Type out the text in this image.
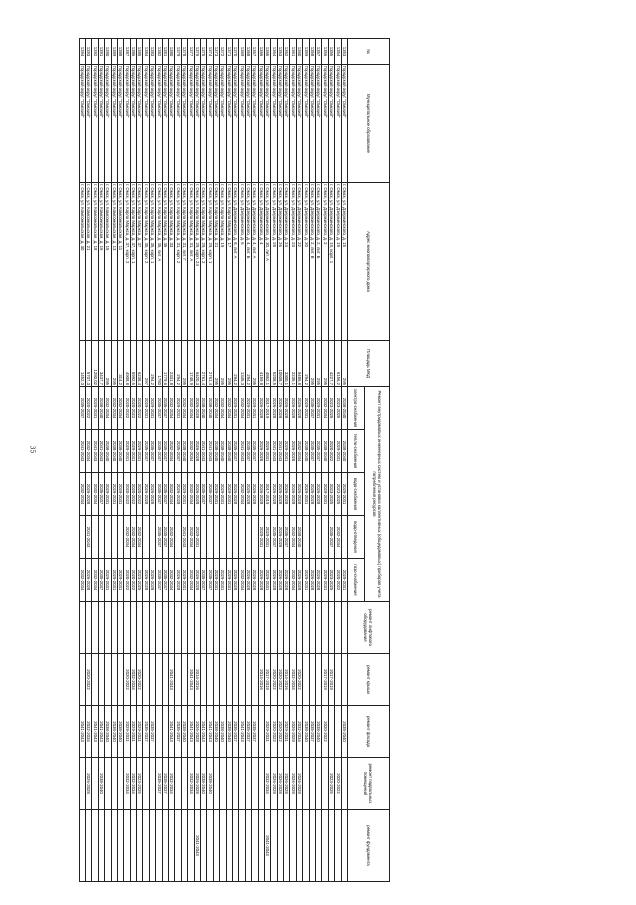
35
№	Муниципальное образование	Адрес многоквартирного дома	Площадь МКД	Ремонт внутридомовых инженерных систем и установка коллективных (общедомовых) приборов учета потребления ресурсов					ремонт лифтового оборудования	ремонт крыши	ремонт фасада	ремонт подвальных помещений	ремонт фундамента
				электро-снабжения	тепло-снабжения	водо-снабжения	водо-отведения	газо-снабжения					
1353	Городской округ "Омский"	г. Омск, ул. Дзержинского, д. 18	295	2038-2040	2038-2040	2029-2031		2029-2031			2038-2040		
1354	Городской округ "Омский"	г. Омск, ул. Дзержинского, д. 19	6156,2	2023-2025	2029-2031	2023-2025	2032-2034	2020-2022				2020-2022	
1355	Городской округ "Омский"	г. Омск, ул. Дзержинского, д. 19, корп. 1	4227,7	2023-2025	2020-2022	2023-2025	2035-2037	2023-2025		2017-2019		2023-2025	
1356	Городской округ "Омский"	г. Омск, ул. Дзержинского, д. 2	295	2032-2034	2038-2040	2029-2031		2029-2031		2017-2019	2020-2022		
1357	Городской округ "Омский"	г. Омск, ул. Дзержинского, д. 2, лит. Б	295	2029-2031	2035-2037	2026-2028		2026-2028			2038-2040		
1358	Городской округ "Омский"	г. Омск, ул. Дзержинского, д. 2, лит. В	295	2035-2037	2035-2037	2026-2028		2026-2028			2035-2037		
1359	Городской округ "Омский"	г. Омск, ул. Дзержинского, д. 20	294,2	2029-2031	2038-2040	2029-2031		2029-2031			2038-2040		
1360	Городской округ "Омский"	г. Омск, ул. Дзержинского, д. 22	9486,8	2026-2028	2032-2034	2026-2028	2038-2040	2026-2028		2020-2022	2032-2034	2026-2028	
1361	Городской округ "Омский"	г. Омск, ул. Дзержинского, д. 23	2235,1	2026-2028	2026-2028	2026-2028	2032-2034	2032-2034		2032-2034	2026-2028	2026-2028	
1362	Городской округ "Омский"	г. Омск, ул. Дзержинского, д. 24	3300,1	2026-2028	2029-2031	2026-2028	2035-2037	2026-2028		2014-2016	2029-2031	2026-2028	
1363	Городской округ "Омский"	г. Омск, ул. Дзержинского, д. 26	10508,7	2026-2028	2041-2043	2026-2028	2026-2028	2026-2028		2020-2022	2020-2022	2026-2028	
1364	Городской округ "Омский"	г. Омск, ул. Дзержинского, д. 28	5208,5	2026-2028	2041-2043	2026-2028	2035-2037	2026-2028		2020-2022	2020-2022	2026-2028	
1365	Городской округ "Омский"	г. Омск, ул. Дзержинского, д. 30, лит. А	4852,1	2017-2019	2029-2031	2017-2019	2029-2031	2029-2031		2017-2019	2029-2031	2032-2034	2041-2043
1366	Городской округ "Омский"	г. Омск, ул. Дзержинского, д. 4	4159,8	2026-2028	2026-2028	2026-2028	2029-2031	2026-2028		2014-2016			
1367	Городской округ "Омский"	г. Омск, ул. Дзержинского, д. 4, лит. А	295	2029-2031	2035-2037	2026-2028		2026-2028			2035-2037		
1368	Городской округ "Омский"	г. Омск, ул. Дзержинского, д. 4, лит. Б	294,2	2029-2031	2035-2037	2026-2028		2026-2028			2035-2037		
1369	Городской округ "Омский"	г. Омск, ул. Дзержинского, д. 6	1345,3	2032-2034	2041-2043	2032-2034		2032-2034			2041-2043		
1370	Городской округ "Омский"	г. Омск, ул. Дзержинского, д. 8, лит. А	294,2	2029-2031	2035-2037	2026-2028		2026-2028			2035-2037		
1371	Городской округ "Омский"	г. Омск, ул. Карла Маркса, д. 17	295	2032-2034	2038-2040	2029-2031		2029-2031			2038-2040		
1372	Городской округ "Омский"	г. Омск, ул. Карла Маркса, д. 19	295	2032-2034	2038-2040	2029-2031		2029-2031			2038-2040		
1373	Городской округ "Омский"	г. Омск, ул. Карла Маркса, д. 21	295	2032-2034	2038-2040	2029-2031		2029-2031			2038-2040		
1374	Городской округ "Омский"	г. Омск, ул. Карла Маркса, д. 29, корп. 1	2761,4	2038-2040	2041-2043	2035-2037		2035-2037			2041-2043	2038-2040	
1375	Городской округ "Омский"	г. Омск, ул. Карла Маркса, д. 29, корп. 2	2761,4	2038-2040	2041-2043	2035-2037		2035-2037			2041-2043	2038-2040	
1376	Городской округ "Омский"	г. Омск, ул. Карла Маркса, д. 29, корп. 24	6420,3	2026-2028	2026-2028	2026-2028	2029-2031	2026-2028		2014-2016	2026-2028	2026-2028	2041-2043
1377	Городской округ "Омский"	г. Омск, ул. Карла Маркса, д. 31, лит. А	1748,9	2032-2034	2032-2034	2032-2034	2032-2034	2032-2034		2041-2043	2041-2043	2032-2034	
1378	Городской округ "Омский"	г. Омск, ул. Карла Маркса, д. 31, лит. Г	295	2032-2034	2038-2040	2029-2031	2041-2043	2029-2031			2038-2040		
1379	Городской округ "Омский"	г. Омск, ул. Карла Маркса, д. 31, корп. 2	294,2	2029-2031	2035-2037	2026-2028		2026-2028			2035-2037		
1380	Городской округ "Омский"	г. Омск, ул. Карла Маркса, д. 33	2331,8	2032-2034	2032-2034	2032-2034	2032-2034	2032-2034		2041-2043	2041-2043	2032-2034	
1381	Городской округ "Омский"	г. Омск, ул. Карла Маркса, д. 35	1779,6	2035-2037	2035-2037	2035-2037	2035-2037	2035-2037				2035-2037	
1382	Городской округ "Омский"	г. Омск, ул. Карла Маркса, д. 35, лит. А	1780	2035-2037	2035-2037	2035-2037	2035-2037	2035-2037				2035-2037	
1383	Городской округ "Омский"	г. Омск, ул. Карла Маркса, д. 35, корп. 1	294,2	2029-2031	2035-2037	2026-2028		2026-2028			2035-2037		
1384	Городской округ "Омский"	г. Омск, ул. Карла Маркса, д. 35, корп. 2	297	2029-2031	2035-2037	2026-2028		2026-2028			2035-2037		
1385	Городской округ "Омский"	г. Омск, ул. Карла Маркса, д. 37	6238,4	2020-2022	2029-2031	2020-2022	2032-2034	2023-2025		2020-2022	2029-2031	2023-2025	
1386	Городской округ "Омский"	г. Омск, ул. Карла Маркса, д. 37, корп. 1	5992,5	2020-2022	2029-2031	2020-2022	2032-2034	2020-2022		2032-2034	2029-2031	2032-2034	
1387	Городской округ "Омский"	г. Омск, ул. Карла Маркса, д. 37, корп. 2	4908,8	2020-2022	2029-2031	2020-2022	2032-2034	2020-2022		2020-2022	2029-2031	2032-2034	
1388	Городской округ "Омский"	г. Омск, ул. Комсомольская, д. 11	314,2	2032-2034	2038-2040	2029-2031		2029-2031			2038-2040		
1389	Городской округ "Омский"	г. Омск, ул. Комсомольская, д. 13	295	2032-2034	2038-2040	2029-2031		2029-2031			2038-2040		
1390	Городской округ "Омский"	г. Омск, ул. Комсомольская, д. 15	295	2032-2034	2038-2040	2029-2031		2029-2031			2038-2040		
1391	Городской округ "Омский"	г. Омск, ул. Комсомольская, д. 16	3437,7	2038-2040	2041-2043	2035-2037		2035-2037			2041-2043	2038-2040	
1392	Городской округ "Омский"	г. Омск, ул. Комсомольская, д. 18	1280,02	2029-2031	2041-2043	2032-2034		2032-2034			2041-2043		
1393	Городской округ "Омский"	г. Омск, ул. Комсомольская, д. 21	5707,3	2020-2022	2032-2034	2026-2028	2041-2043	2026-2028		2020-2022	2032-2034	2026-2028	
1394	Городской округ "Омский"	г. Омск, ул. Комсомольская, д. 30	1452,3	2035-2037	2041-2043	2032-2034		2032-2034			2041-2043		
